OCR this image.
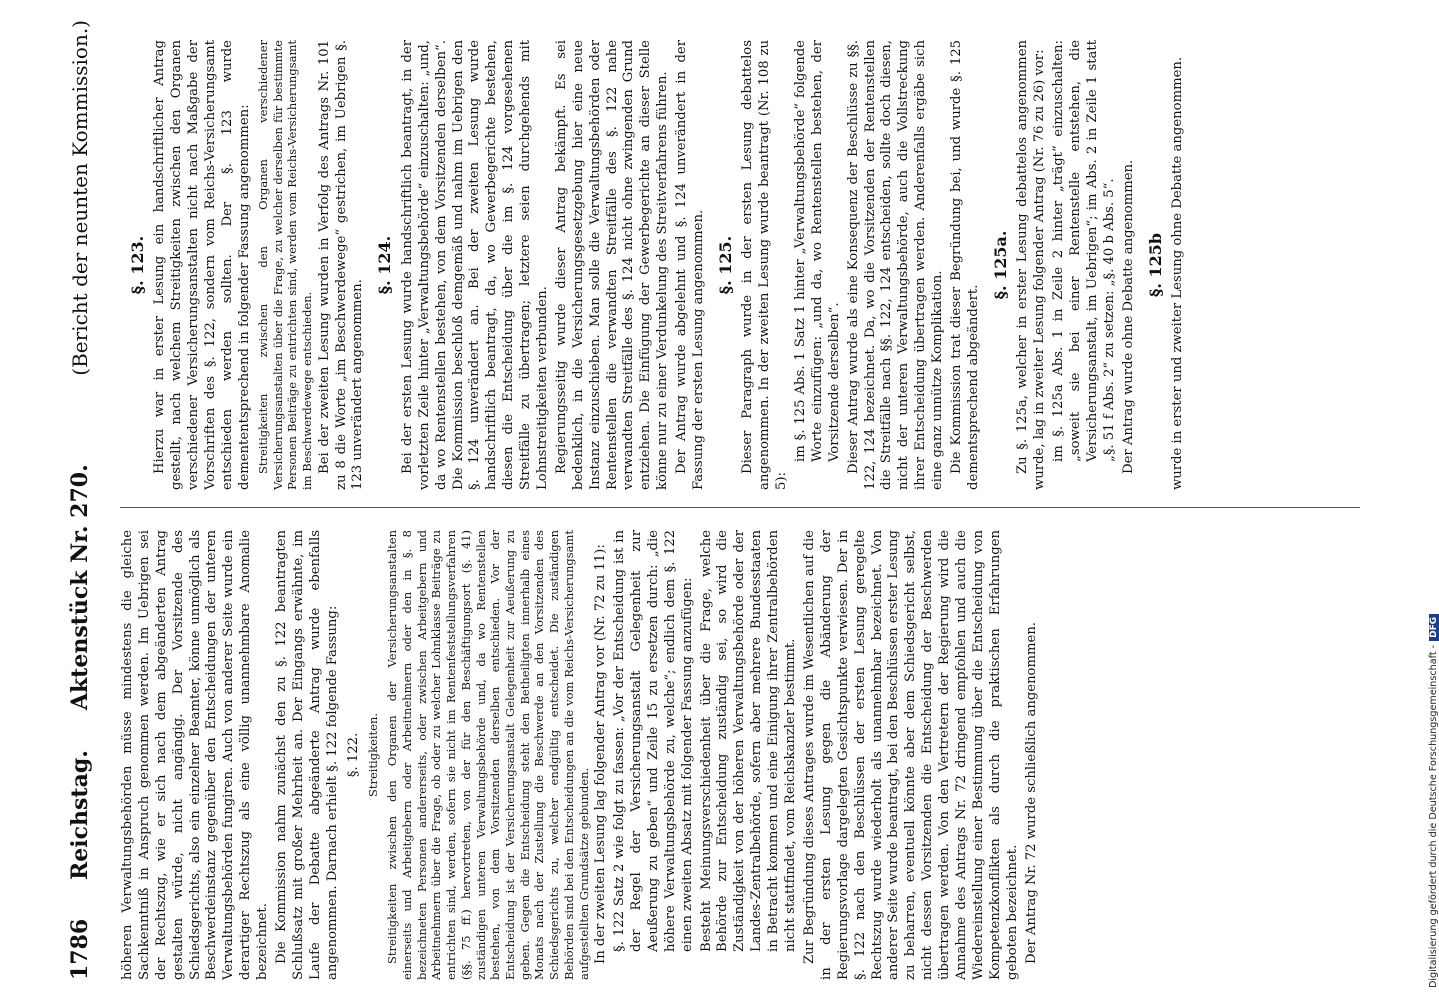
1786
Reichstag.
Aktenstück Nr. 270.
(Bericht der neunten Kommission.)

höheren Verwaltungsbehörden müsse mindestens die gleiche Sachkenntniß in Anspruch genommen werden. Im Uebrigen sei der Rechtszug, wie er sich nach dem abgeänderten Antrag gestalten würde, nicht angängig. Der Vorsitzende des Schiedsgerichts, also ein einzelner Beamter, könne unmöglich als Beschwerdeinstanz gegenüber den Entscheidungen der unteren Verwaltungsbehörden fungiren. Auch von anderer Seite wurde ein derartiger Rechtszug als eine völlig unannehmbare Anomalie bezeichnet. Die Kommission nahm zunächst den zu §. 122 beantragten Schlußsatz mit großer Mehrheit an. Der Eingangs erwähnte, im Laufe der Debatte abgeänderte Antrag wurde ebenfalls angenommen. Darnach erhielt §. 122 folgende Fassung: §. 122. Streitigkeiten. Streitigkeiten zwischen den Organen der Versicherungsanstalten einerseits und Arbeitgebern oder Arbeitnehmern oder den in §. 8 bezeichneten Personen andererseits, oder zwischen Arbeitgebern und Arbeitnehmern über die Frage, ob oder zu welcher Lohnklasse Beiträge zu entrichten sind, werden, sofern sie nicht im Rentenfeststellungsverfahren (§§. 75 ff.) hervortreten, von der für den Beschäftigungsort (§. 41) zuständigen unteren Verwaltungsbehörde und, da wo Rentenstellen bestehen, von dem Vorsitzenden derselben entschieden. Vor der Entscheidung ist der Versicherungsanstalt Gelegenheit zur Aeußerung zu geben. Gegen die Entscheidung steht den Betheiligten innerhalb eines Monats nach der Zustellung die Beschwerde an den Vorsitzenden des Schiedsgerichts zu, welcher endgültig entscheidet. Die zuständigen Behörden sind bei den Entscheidungen an die vom Reichs-Versicherungsamt aufgestellten Grundsätze gebunden. In der zweiten Lesung lag folgender Antrag vor (Nr. 72 zu 11): §. 122 Satz 2 wie folgt zu fassen: „Vor der Entscheidung ist in der Regel der Versicherungsanstalt Gelegenheit zur Aeußerung zu geben“ und Zeile 15 zu ersetzen durch: „die höhere Verwaltungsbehörde zu, welche“; endlich dem §. 122 einen zweiten Absatz mit folgender Fassung anzufügen: Besteht Meinungsverschiedenheit über die Frage, welche Behörde zur Entscheidung zuständig sei, so wird die Zuständigkeit von der höheren Verwaltungsbehörde oder der Landes-Zentralbehörde, sofern aber mehrere Bundesstaaten in Betracht kommen und eine Einigung ihrer Zentralbehörden nicht stattfindet, vom Reichskanzler bestimmt. Zur Begründung dieses Antrages wurde im Wesentlichen auf die in der ersten Lesung gegen die Abänderung der Regierungsvorlage dargelegten Gesichtspunkte verwiesen. Der in §. 122 nach den Beschlüssen der ersten Lesung geregelte Rechtszug wurde wiederholt als unannehmbar bezeichnet. Von anderer Seite wurde beantragt, bei den Beschlüssen erster Lesung zu beharren, eventuell könnte aber dem Schiedsgericht selbst, nicht dessen Vorsitzenden die Entscheidung der Beschwerden übertragen werden. Von den Vertretern der Regierung wird die Annahme des Antrags Nr. 72 dringend empfohlen und auch die Wiedereinstellung einer Bestimmung über die Entscheidung von Kompetenzkonflikten als durch die praktischen Erfahrungen geboten bezeichnet. Der Antrag Nr. 72 wurde schließlich angenommen.

§. 123. Hierzu war in erster Lesung ein handschriftlicher Antrag gestellt, nach welchem Streitigkeiten zwischen den Organen verschiedener Versicherungsanstalten nicht nach Maßgabe der Vorschriften des §. 122, sondern vom Reichs-Versicherungsamt entschieden werden sollten. Der §. 123 wurde demententsprechend in folgender Fassung angenommen: Streitigkeiten zwischen den Organen verschiedener Versicherungsanstalten über die Frage, zu welcher derselben für bestimmte Personen Beiträge zu entrichten sind, werden vom Reichs-Versicherungsamt im Beschwerdewege entschieden. Bei der zweiten Lesung wurden in Verfolg des Antrags Nr. 101 zu 8 die Worte „im Beschwerdewege“ gestrichen, im Uebrigen §. 123 unverändert angenommen.

§. 124. Bei der ersten Lesung wurde handschriftlich beantragt, in der vorletzten Zeile hinter „Verwaltungsbehörde“ einzuschalten: „und, da wo Rentenstellen bestehen, von dem Vorsitzenden derselben“. Die Kommission beschloß demgemäß und nahm im Uebrigen den §. 124 unverändert an. Bei der zweiten Lesung wurde handschriftlich beantragt, da, wo Gewerbegerichte bestehen, diesen die Entscheidung über die im §. 124 vorgesehenen Streitfälle zu übertragen; letztere seien durchgehends mit Lohnstreitigkeiten verbunden. Regierungsseitig wurde dieser Antrag bekämpft. Es sei bedenklich, in die Versicherungsgesetzgebung hier eine neue Instanz einzuschieben. Man solle die Verwaltungsbehörden oder Rentenstellen die verwandten Streitfälle des §. 122 nahe verwandten Streitfälle des §. 124 nicht ohne zwingenden Grund entziehen. Die Einfügung der Gewerbegerichte an dieser Stelle könne nur zu einer Verdunkelung des Streitverfahrens führen. Der Antrag wurde abgelehnt und §. 124 unverändert in der Fassung der ersten Lesung angenommen. §. 125. Dieser Paragraph wurde in der ersten Lesung debattelos angenommen. In der zweiten Lesung wurde beantragt (Nr. 108 zu 5):

im §. 125 Abs. 1 Satz 1 hinter „Verwaltungsbehörde“ folgende Worte einzufügen: „und da, wo Rentenstellen bestehen, der Vorsitzende derselben“. Dieser Antrag wurde als eine Konsequenz der Beschlüsse zu §§. 122, 124 bezeichnet. Da, wo die Vorsitzenden der Rentenstellen die Streitfälle nach §§. 122, 124 entscheiden, sollte doch diesen, nicht der unteren Verwaltungsbehörde, auch die Vollstreckung ihrer Entscheidung übertragen werden. Anderenfalls ergäbe sich eine ganz unnütze Komplikation. Die Kommission trat dieser Begründung bei, und wurde §. 125 dementsprechend abgeändert.

§. 125a. Zu §. 125a, welcher in erster Lesung debattelos angenommen wurde, lag in zweiter Lesung folgender Antrag (Nr. 76 zu 26) vor: im §. 125a Abs. 1 in Zeile 2 hinter „trägt“ einzuschalten: „soweit sie bei einer Rentenstelle entstehen, die Versicherungsanstalt, im Uebrigen“; im Abs. 2 in Zeile 1 statt „§. 51 f Abs. 2“ zu setzen: „§. 40 b Abs. 5“. Der Antrag wurde ohne Debatte angenommen. §. 125b wurde in erster und zweiter Lesung ohne Debatte angenommen.

Digitalisierung gefördert durch die Deutsche Forschungsgemeinschaft -DFG
